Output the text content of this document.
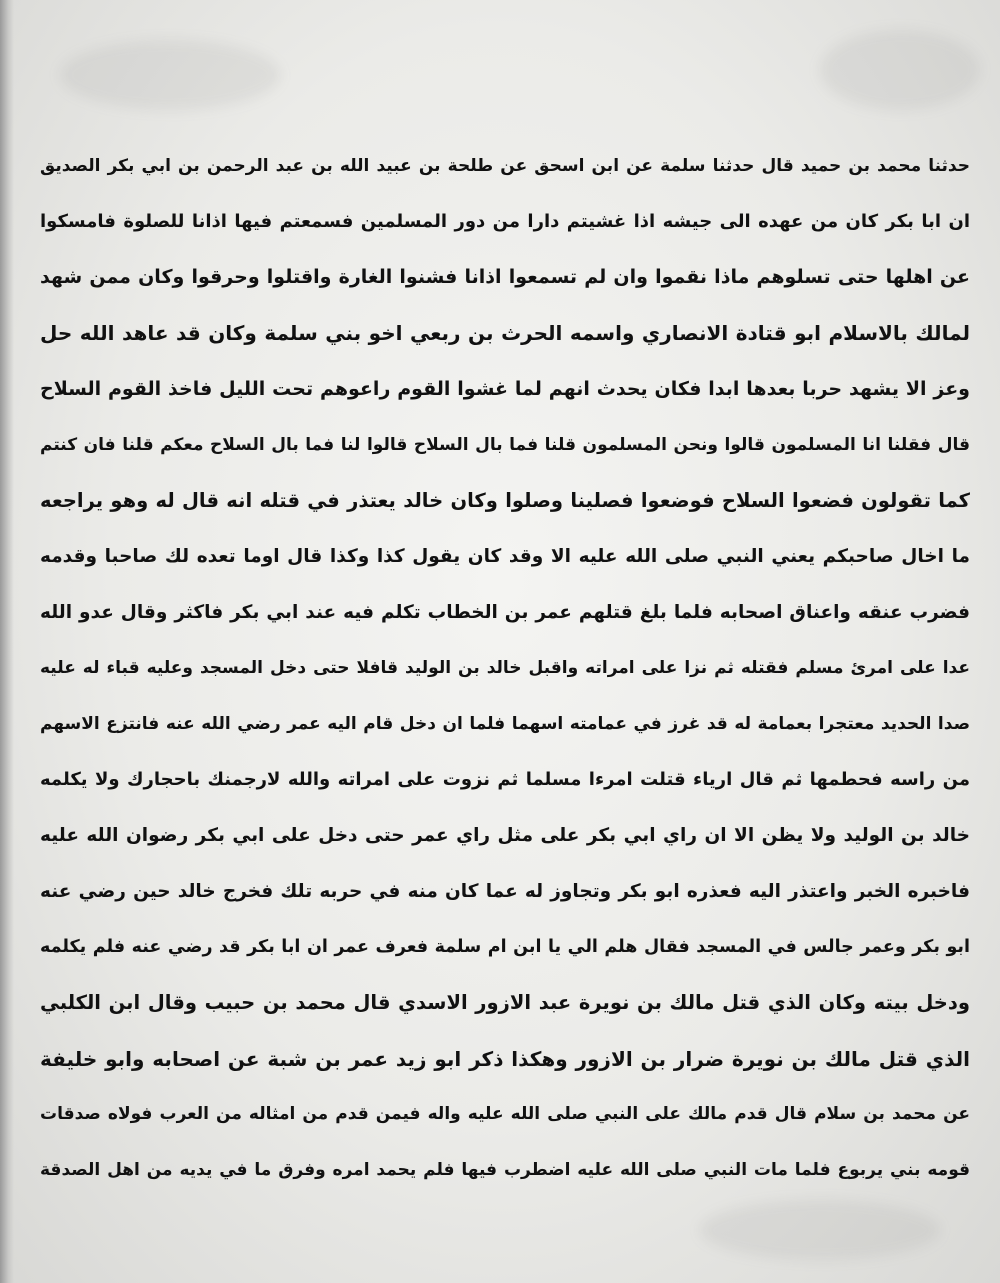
حدثنا محمد بن حميد قال حدثنا سلمة عن ابن اسحق عن طلحة بن عبيد الله بن عبد الرحمن بن ابي بكر الصديق
ان ابا بكر كان من عهده الى جيشه اذا غشيتم دارا من دور المسلمين فسمعتم فيها اذانا للصلوة فامسكوا
عن اهلها حتى تسلوهم ماذا نقموا وان لم تسمعوا اذانا فشنوا الغارة واقتلوا وحرقوا وكان ممن شهد
لمالك بالاسلام ابو قتادة الانصاري واسمه الحرث بن ربعي اخو بني سلمة وكان قد عاهد الله حل
وعز الا يشهد حربا بعدها ابدا فكان يحدث انهم لما غشوا القوم راعوهم تحت الليل فاخذ القوم السلاح
قال فقلنا انا المسلمون قالوا ونحن المسلمون قلنا فما بال السلاح قالوا لنا فما بال السلاح معكم قلنا فان كنتم
كما تقولون فضعوا السلاح فوضعوا فصلينا وصلوا وكان خالد يعتذر في قتله انه قال له وهو يراجعه
ما اخال صاحبكم يعني النبي صلى الله عليه الا وقد كان يقول كذا وكذا قال اوما تعده لك صاحبا وقدمه
فضرب عنقه واعناق اصحابه فلما بلغ قتلهم عمر بن الخطاب تكلم فيه عند ابي بكر فاكثر وقال عدو الله
عدا على امرئ مسلم فقتله ثم نزا على امراته واقبل خالد بن الوليد قافلا حتى دخل المسجد وعليه قباء له عليه
صدا الحديد معتجرا بعمامة له قد غرز في عمامته اسهما فلما ان دخل قام اليه عمر رضي الله عنه فانتزع الاسهم
من راسه فحطمها ثم قال ارياء قتلت امرءا مسلما ثم نزوت على امراته والله لارجمنك باحجارك ولا يكلمه
خالد بن الوليد ولا يظن الا ان راي ابي بكر على مثل راي عمر حتى دخل على ابي بكر رضوان الله عليه
فاخبره الخبر واعتذر اليه فعذره ابو بكر وتجاوز له عما كان منه في حربه تلك فخرج خالد حين رضي عنه
ابو بكر وعمر جالس في المسجد فقال هلم الي يا ابن ام سلمة فعرف عمر ان ابا بكر قد رضي عنه فلم يكلمه
ودخل بيته وكان الذي قتل مالك بن نويرة عبد الازور الاسدي قال محمد بن حبيب وقال ابن الكلبي
الذي قتل مالك بن نويرة ضرار بن الازور وهكذا ذكر ابو زيد عمر بن شبة عن اصحابه وابو خليفة
عن محمد بن سلام قال قدم مالك على النبي صلى الله عليه واله فيمن قدم من امثاله من العرب فولاه صدقات
قومه بني يربوع فلما مات النبي صلى الله عليه اضطرب فيها فلم يحمد امره وفرق ما في يديه من اهل الصدقة
